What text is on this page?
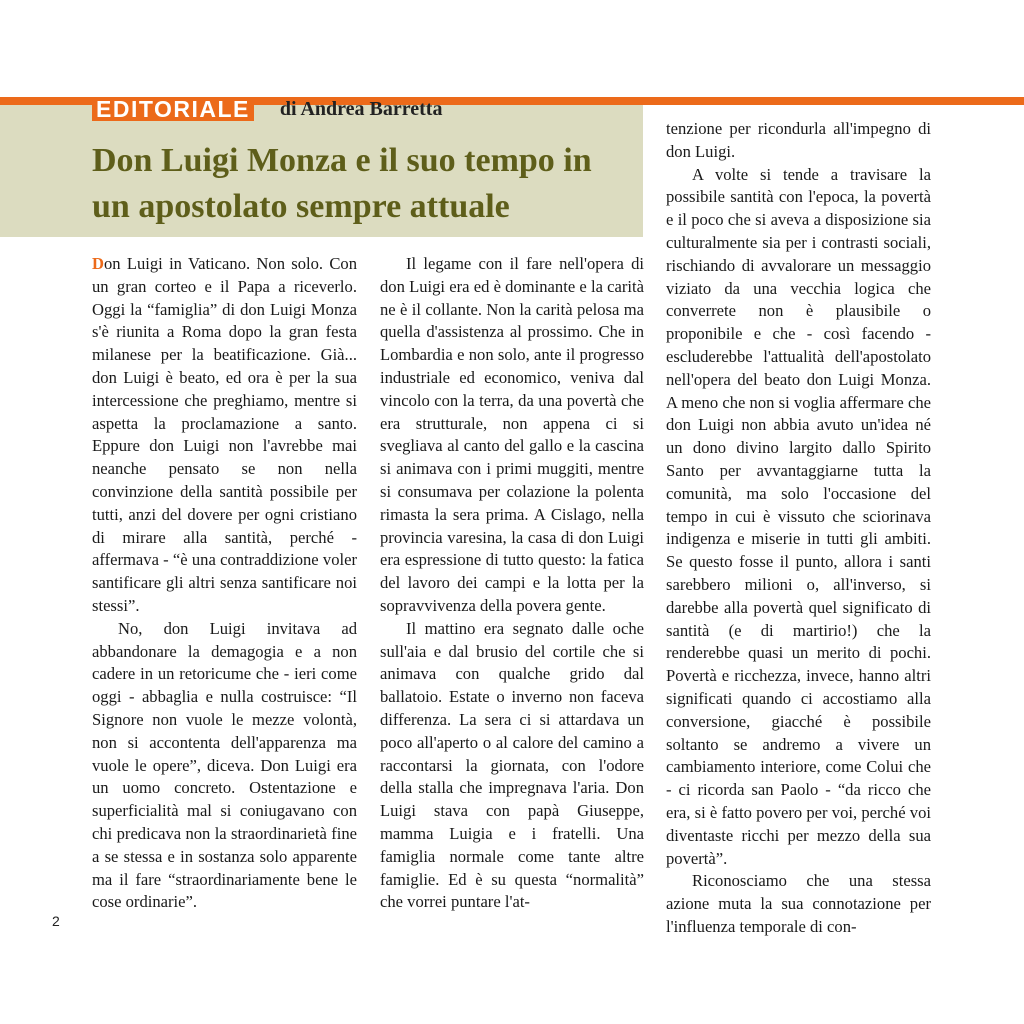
EDITORIALE di Andrea Barretta
Don Luigi Monza e il suo tempo in un apostolato sempre attuale

Don Luigi in Vaticano. Non solo. Con un gran corteo e il Papa a riceverlo. Oggi la “famiglia” di don Luigi Monza s'è riunita a Roma dopo la gran festa milanese per la beatificazione. Già... don Luigi è beato, ed ora è per la sua intercessione che preghiamo, mentre si aspetta la proclamazione a santo. Eppure don Luigi non l'avrebbe mai neanche pensato se non nella convinzione della santità possibile per tutti, anzi del dovere per ogni cristiano di mirare alla santità, perché - affermava - “è una contraddizione voler santificare gli altri senza santificare noi stessi”.

No, don Luigi invitava ad abbandonare la demagogia e a non cadere in un retoricume che - ieri come oggi - abbaglia e nulla costruisce: “Il Signore non vuole le mezze volontà, non si accontenta dell'apparenza ma vuole le opere”, diceva. Don Luigi era un uomo concreto. Ostentazione e superficialità mal si coniugavano con chi predicava non la straordinarietà fine a se stessa e in sostanza solo apparente ma il fare “straordinariamente bene le cose ordinarie”.

Il legame con il fare nell'opera di don Luigi era ed è dominante e la carità ne è il collante. Non la carità pelosa ma quella d'assistenza al prossimo. Che in Lombardia e non solo, ante il progresso industriale ed economico, veniva dal vincolo con la terra, da una povertà che era strutturale, non appena ci si svegliava al canto del gallo e la cascina si animava con i primi muggiti, mentre si consumava per colazione la polenta rimasta la sera prima. A Cislago, nella provincia varesina, la casa di don Luigi era espressione di tutto questo: la fatica del lavoro dei campi e la lotta per la sopravvivenza della povera gente.

Il mattino era segnato dalle oche sull'aia e dal brusio del cortile che si animava con qualche grido dal ballatoio. Estate o inverno non faceva differenza. La sera ci si attardava un poco all'aperto o al calore del camino a raccontarsi la giornata, con l'odore della stalla che impregnava l'aria. Don Luigi stava con papà Giuseppe, mamma Luigia e i fratelli. Una famiglia normale come tante altre famiglie. Ed è su questa “normalità” che vorrei puntare l'at-

tenzione per ricondurla all'impegno di don Luigi.

A volte si tende a travisare la possibile santità con l'epoca, la povertà e il poco che si aveva a disposizione sia culturalmente sia per i contrasti sociali, rischiando di avvalorare un messaggio viziato da una vecchia logica che converrete non è plausibile o proponibile e che - così facendo - escluderebbe l'attualità dell'apostolato nell'opera del beato don Luigi Monza. A meno che non si voglia affermare che don Luigi non abbia avuto un'idea né un dono divino largito dallo Spirito Santo per avvantaggiarne tutta la comunità, ma solo l'occasione del tempo in cui è vissuto che sciorinava indigenza e miserie in tutti gli ambiti. Se questo fosse il punto, allora i santi sarebbero milioni o, all'inverso, si darebbe alla povertà quel significato di santità (e di martirio!) che la renderebbe quasi un merito di pochi. Povertà e ricchezza, invece, hanno altri significati quando ci accostiamo alla conversione, giacché è possibile soltanto se andremo a vivere un cambiamento interiore, come Colui che - ci ricorda san Paolo - “da ricco che era, si è fatto povero per voi, perché voi diventaste ricchi per mezzo della sua povertà”.

Riconosciamo che una stessa azione muta la sua connotazione per l'influenza temporale di con-

2
